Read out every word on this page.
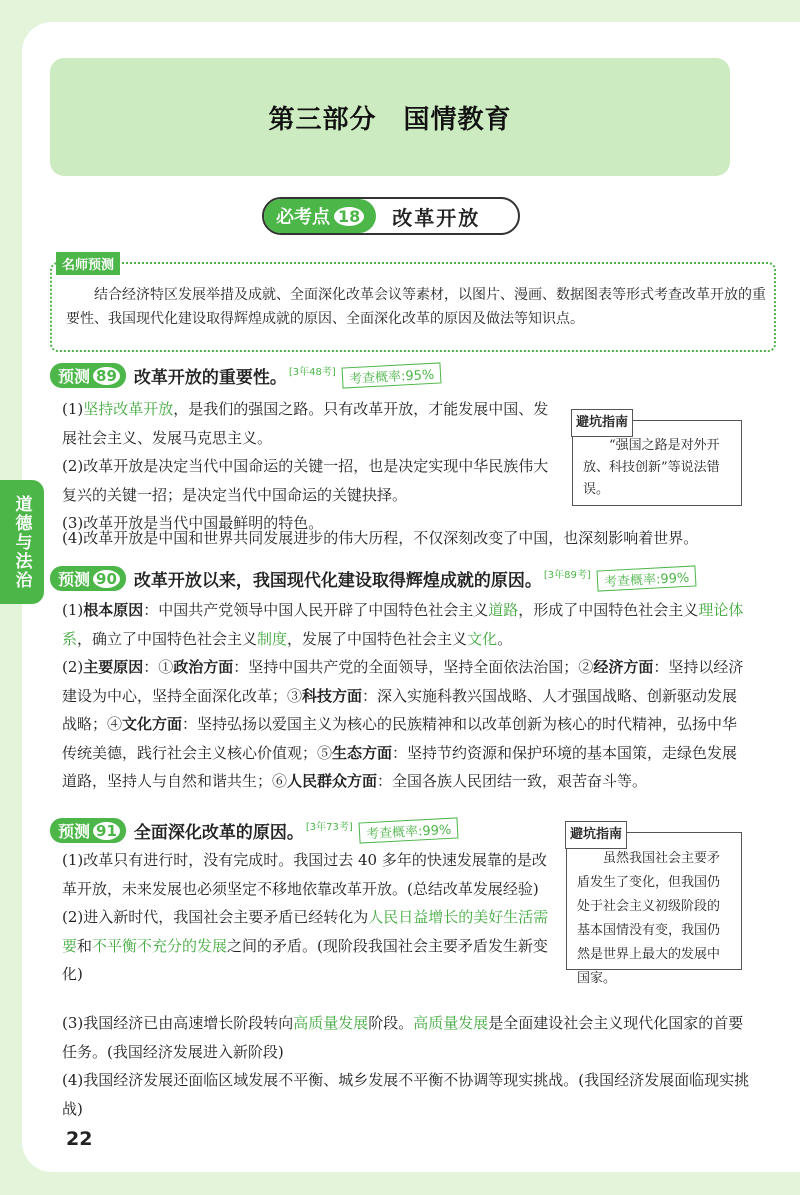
第三部分　国情教育
必考点 18 改革开放
名师预测
结合经济特区发展举措及成就、全面深化改革会议等素材，以图片、漫画、数据图表等形式考查改革开放的重要性、我国现代化建设取得辉煌成就的原因、全面深化改革的原因及做法等知识点。
预测 89 改革开放的重要性。 [3年48考] 考查概率:95%
(1)坚持改革开放，是我们的强国之路。只有改革开放，才能发展中国、发展社会主义、发展马克思主义。
(2)改革开放是决定当代中国命运的关键一招，也是决定实现中华民族伟大复兴的关键一招；是决定当代中国命运的关键抉择。
(3)改革开放是当代中国最鲜明的特色。
(4)改革开放是中国和世界共同发展进步的伟大历程，不仅深刻改变了中国，也深刻影响着世界。
避坑指南
“强国之路是对外开放、科技创新”等说法错误。
道德与法治 预测 90 改革开放以来，我国现代化建设取得辉煌成就的原因。 [3年89考] 考查概率:99%
(1)根本原因：中国共产党领导中国人民开辟了中国特色社会主义道路，形成了中国特色社会主义理论体系，确立了中国特色社会主义制度，发展了中国特色社会主义文化。
(2)主要原因：①政治方面：坚持中国共产党的全面领导，坚持全面依法治国；②经济方面：坚持以经济建设为中心，坚持全面深化改革；③科技方面：深入实施科教兴国战略、人才强国战略、创新驱动发展战略；④文化方面：坚持弘扬以爱国主义为核心的民族精神和以改革创新为核心的时代精神，弘扬中华传统美德，践行社会主义核心价值观；⑤生态方面：坚持节约资源和保护环境的基本国策，走绿色发展道路，坚持人与自然和谐共生；⑥人民群众方面：全国各族人民团结一致，艰苦奋斗等。
预测 91 全面深化改革的原因。 [3年73考] 考查概率:99%
(1)改革只有进行时，没有完成时。我国过去 40 多年的快速发展靠的是改革开放，未来发展也必须坚定不移地依靠改革开放。(总结改革发展经验)
(2)进入新时代，我国社会主要矛盾已经转化为人民日益增长的美好生活需要和不平衡不充分的发展之间的矛盾。(现阶段我国社会主要矛盾发生新变化)
(3)我国经济已由高速增长阶段转向高质量发展阶段。高质量发展是全面建设社会主义现代化国家的首要任务。(我国经济发展进入新阶段)
(4)我国经济发展还面临区域发展不平衡、城乡发展不平衡不协调等现实挑战。(我国经济发展面临现实挑战)
避坑指南
虽然我国社会主要矛盾发生了变化，但我国仍处于社会主义初级阶段的基本国情没有变，我国仍然是世界上最大的发展中国家。
22
